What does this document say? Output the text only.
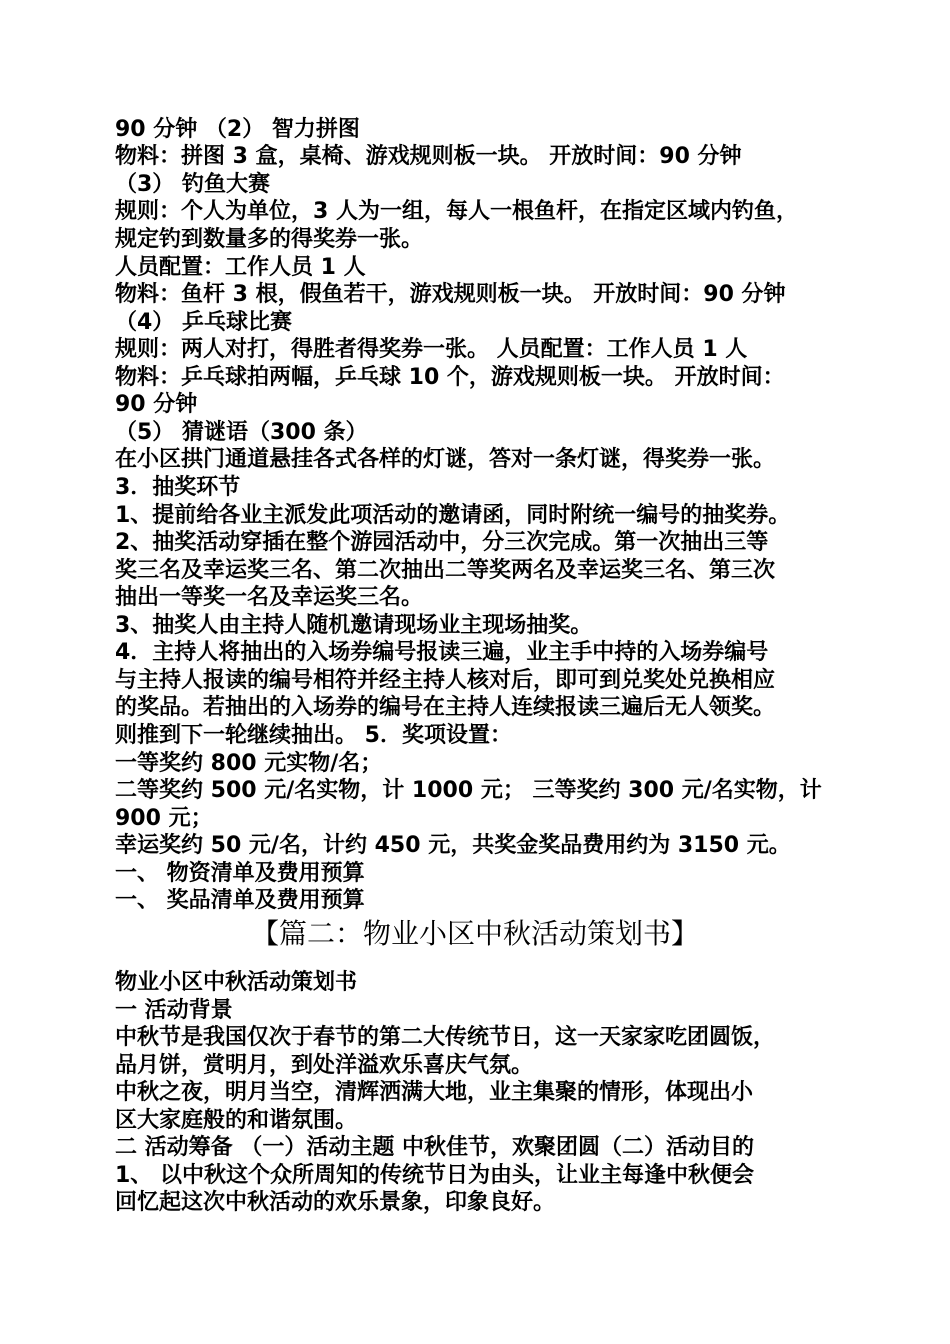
90 分钟 （2） 智力拼图
物料：拼图 3 盒，桌椅、游戏规则板一块。 开放时间：90 分钟
（3） 钓鱼大赛
规则：个人为单位，3 人为一组，每人一根鱼杆，在指定区域内钓鱼，
规定钓到数量多的得奖券一张。
人员配置：工作人员 1 人
物料：鱼杆 3 根，假鱼若干，游戏规则板一块。 开放时间：90 分钟
（4） 乒乓球比赛
规则：两人对打，得胜者得奖券一张。 人员配置：工作人员 1 人
物料：乒乓球拍两幅，乒乓球 10 个，游戏规则板一块。 开放时间：
90 分钟
（5） 猜谜语（300 条）
在小区拱门通道悬挂各式各样的灯谜，答对一条灯谜，得奖券一张。
3．抽奖环节
1、提前给各业主派发此项活动的邀请函，同时附统一编号的抽奖券。
2、抽奖活动穿插在整个游园活动中，分三次完成。第一次抽出三等
奖三名及幸运奖三名、第二次抽出二等奖两名及幸运奖三名、第三次
抽出一等奖一名及幸运奖三名。
3、抽奖人由主持人随机邀请现场业主现场抽奖。
4．主持人将抽出的入场券编号报读三遍，业主手中持的入场券编号
与主持人报读的编号相符并经主持人核对后，即可到兑奖处兑换相应
的奖品。若抽出的入场券的编号在主持人连续报读三遍后无人领奖。
则推到下一轮继续抽出。 5．奖项设置：
一等奖约 800 元实物/名；
二等奖约 500 元/名实物，计 1000 元； 三等奖约 300 元/名实物，计
900 元；
幸运奖约 50 元/名，计约 450 元，共奖金奖品费用约为 3150 元。
一、 物资清单及费用预算
一、 奖品清单及费用预算
【篇二：物业小区中秋活动策划书】
物业小区中秋活动策划书
一 活动背景
中秋节是我国仅次于春节的第二大传统节日，这一天家家吃团圆饭，
品月饼，赏明月，到处洋溢欢乐喜庆气氛。
中秋之夜，明月当空，清辉洒满大地，业主集聚的情形，体现出小
区大家庭般的和谐氛围。
二 活动筹备 （一）活动主题 中秋佳节，欢聚团圆（二）活动目的
1、 以中秋这个众所周知的传统节日为由头，让业主每逢中秋便会
回忆起这次中秋活动的欢乐景象，印象良好。
